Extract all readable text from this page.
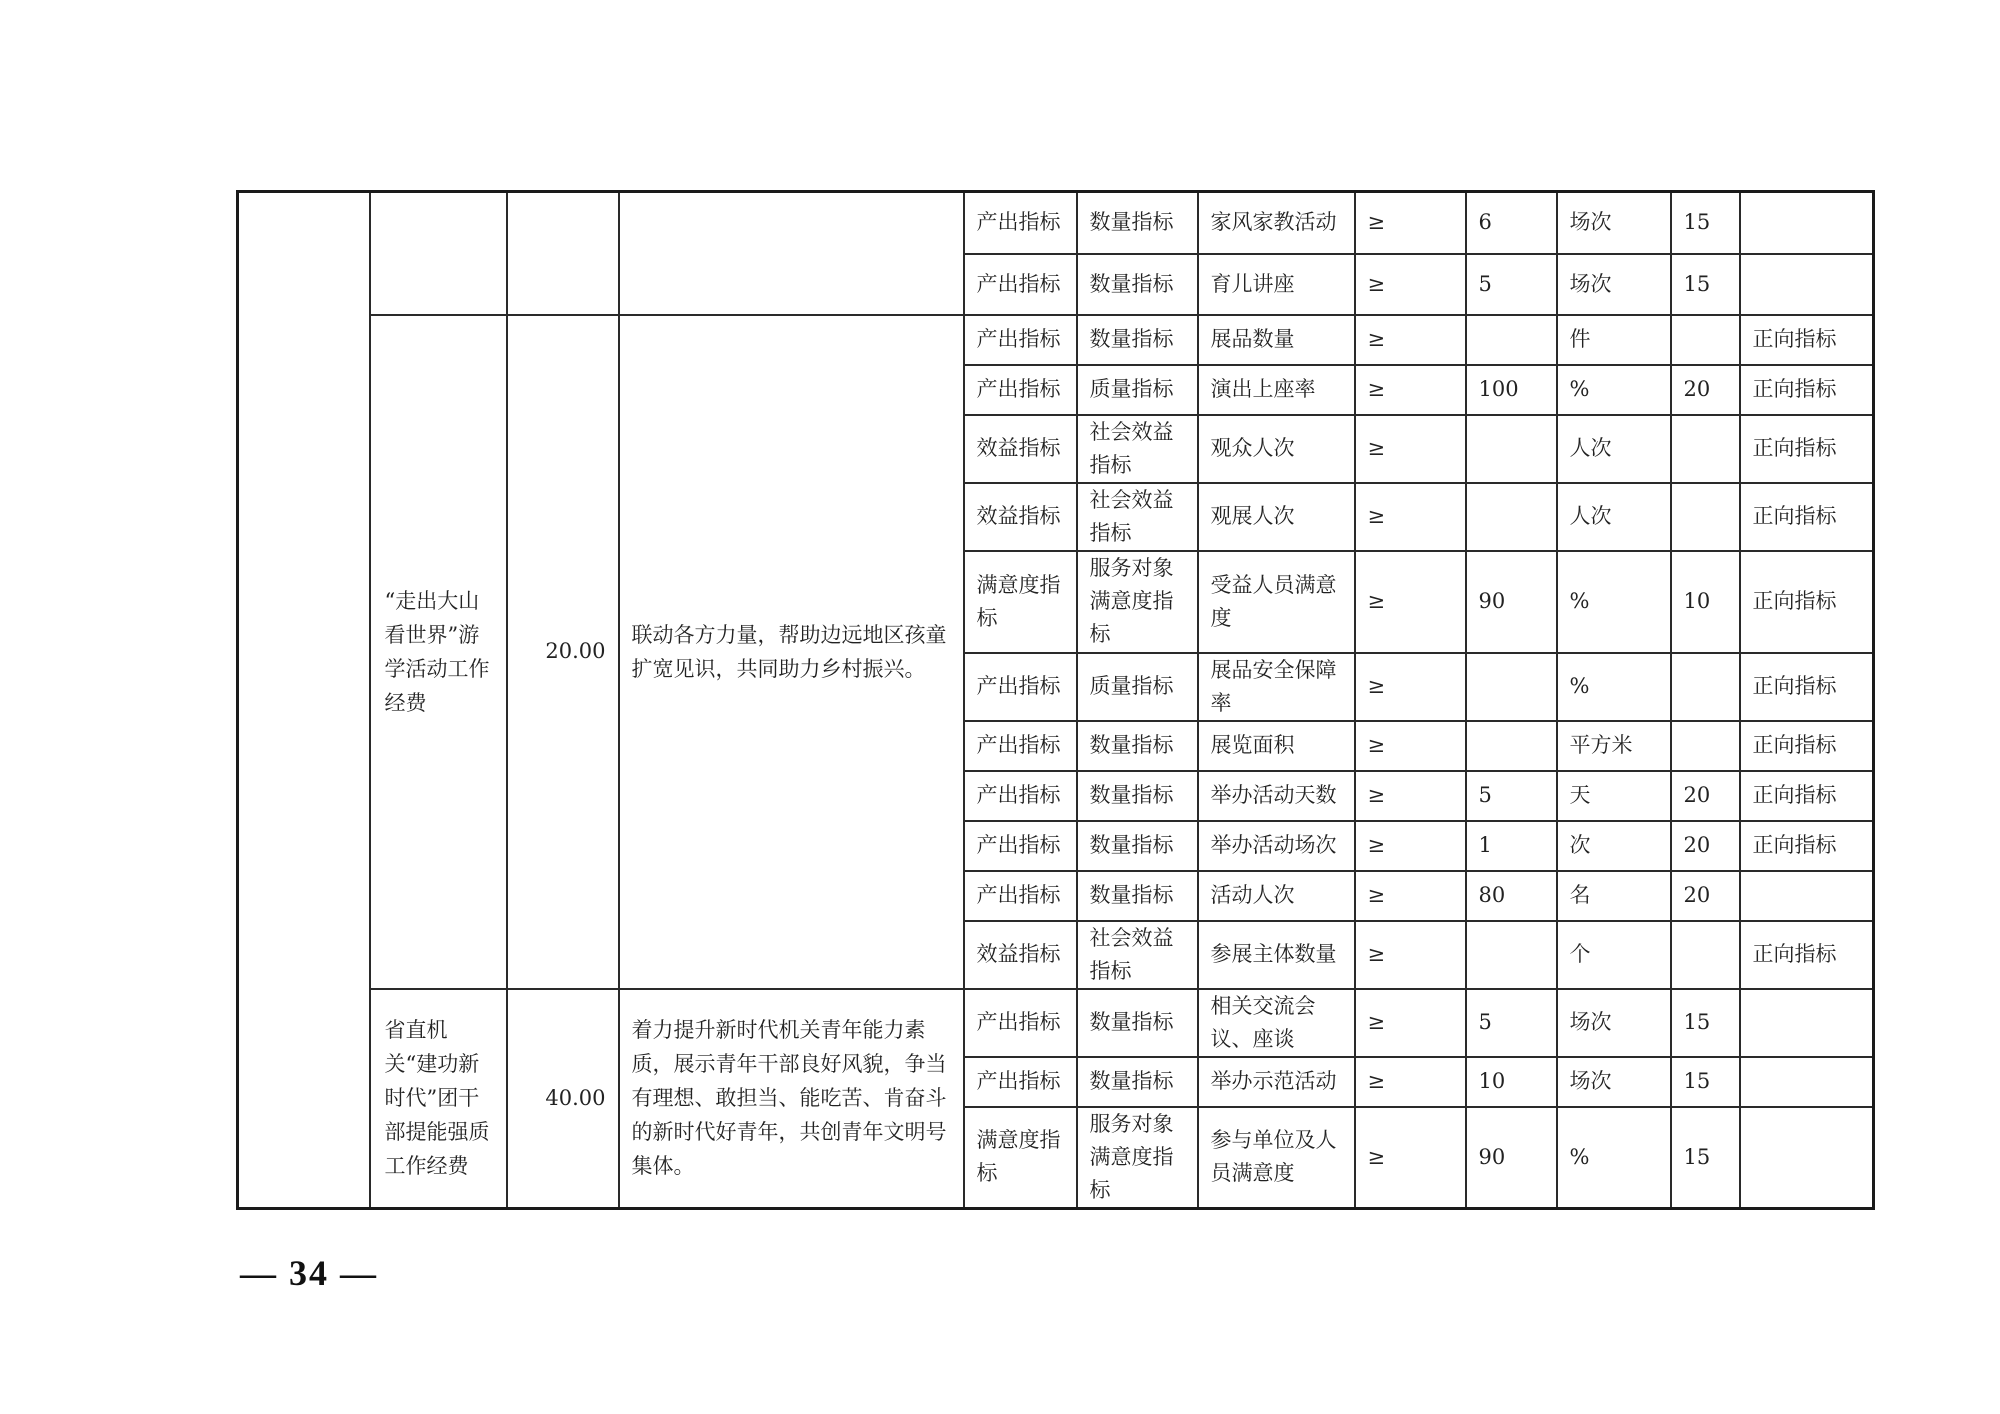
				产出指标	数量指标	家风家教活动	≥	6	场次	15	
				产出指标	数量指标	育儿讲座	≥	5	场次	15	
	“走出大山看世界”游学活动工作经费	20.00	联动各方力量，帮助边远地区孩童扩宽见识，共同助力乡村振兴。	产出指标	数量指标	展品数量	≥		件		正向指标
				产出指标	质量指标	演出上座率	≥	100	%	20	正向指标
				效益指标	社会效益指标	观众人次	≥		人次		正向指标
				效益指标	社会效益指标	观展人次	≥		人次		正向指标
				满意度指标	服务对象满意度指标	受益人员满意度	≥	90	%	10	正向指标
				产出指标	质量指标	展品安全保障率	≥		%		正向指标
				产出指标	数量指标	展览面积	≥		平方米		正向指标
				产出指标	数量指标	举办活动天数	≥	5	天	20	正向指标
				产出指标	数量指标	举办活动场次	≥	1	次	20	正向指标
				产出指标	数量指标	活动人次	≥	80	名	20	
				效益指标	社会效益指标	参展主体数量	≥		个		正向指标
	省直机关“建功新时代”团干部提能强质工作经费	40.00	着力提升新时代机关青年能力素质，展示青年干部良好风貌，争当有理想、敢担当、能吃苦、肯奋斗的新时代好青年，共创青年文明号集体。	产出指标	数量指标	相关交流会议、座谈	≥	5	场次	15	
				产出指标	数量指标	举办示范活动	≥	10	场次	15	
				满意度指标	服务对象满意度指标	参与单位及人员满意度	≥	90	%	15	
— 34 —
